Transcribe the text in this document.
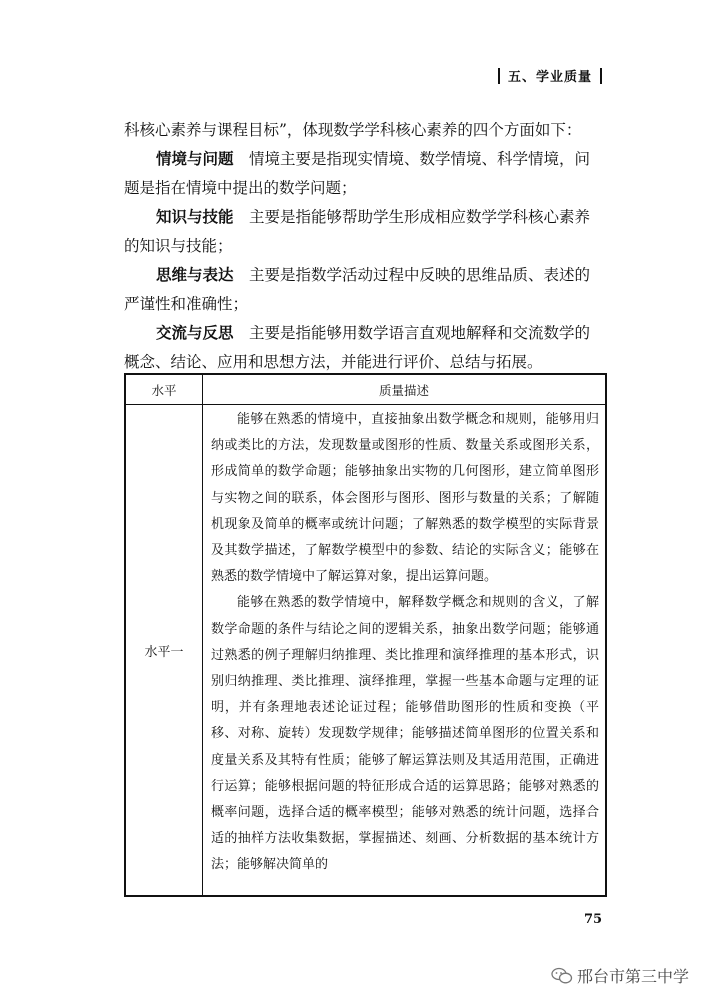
五、学业质量
科核心素养与课程目标”，体现数学学科核心素养的四个方面如下：
情境与问题  情境主要是指现实情境、数学情境、科学情境，问题是指在情境中提出的数学问题；
知识与技能  主要是指能够帮助学生形成相应数学学科核心素养的知识与技能；
思维与表达  主要是指数学活动过程中反映的思维品质、表述的严谨性和准确性；
交流与反思  主要是指能够用数学语言直观地解释和交流数学的概念、结论、应用和思想方法，并能进行评价、总结与拓展。
水平	质量描述
水平一	能够在熟悉的情境中，直接抽象出数学概念和规则，能够用归纳或类比的方法，发现数量或图形的性质、数量关系或图形关系，形成简单的数学命题；能够抽象出实物的几何图形，建立简单图形与实物之间的联系，体会图形与图形、图形与数量的关系；了解随机现象及简单的概率或统计问题；了解熟悉的数学模型的实际背景及其数学描述，了解数学模型中的参数、结论的实际含义；能够在熟悉的数学情境中了解运算对象，提出运算问题。

能够在熟悉的数学情境中，解释数学概念和规则的含义，了解数学命题的条件与结论之间的逻辑关系，抽象出数学问题；能够通过熟悉的例子理解归纳推理、类比推理和演绎推理的基本形式，识别归纳推理、类比推理、演绎推理，掌握一些基本命题与定理的证明，并有条理地表述论证过程；能够借助图形的性质和变换（平移、对称、旋转）发现数学规律；能够描述简单图形的位置关系和度量关系及其特有性质；能够了解运算法则及其适用范围，正确进行运算；能够根据问题的特征形成合适的运算思路；能够对熟悉的概率问题，选择合适的概率模型；能够对熟悉的统计问题，选择合适的抽样方法收集数据，掌握描述、刻画、分析数据的基本统计方法；能够解决简单的

75
邢台市第三中学
